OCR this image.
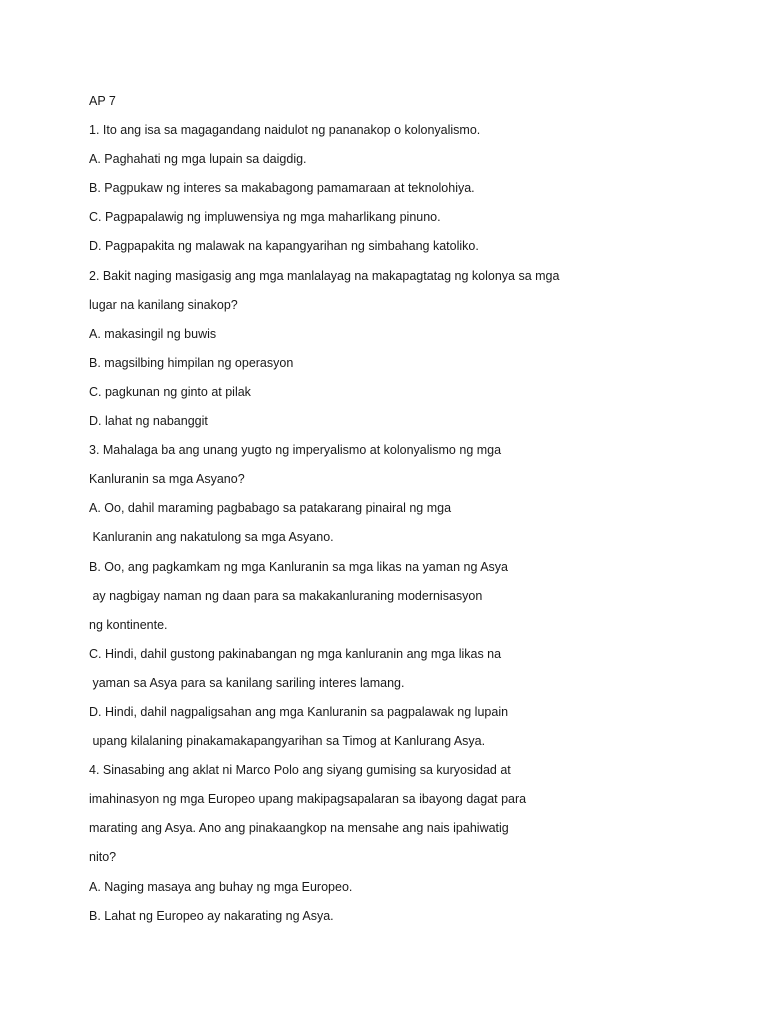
AP 7
1. Ito ang isa sa magagandang naidulot ng pananakop o kolonyalismo.
A. Paghahati ng mga lupain sa daigdig.
B. Pagpukaw ng interes sa makabagong pamamaraan at teknolohiya.
C. Pagpapalawig ng impluwensiya ng mga maharlikang pinuno.
D. Pagpapakita ng malawak na kapangyarihan ng simbahang katoliko.
2. Bakit naging masigasig ang mga manlalayag na makapagtatag ng kolonya sa mga
lugar na kanilang sinakop?
A. makasingil ng buwis
B. magsilbing himpilan ng operasyon
C. pagkunan ng ginto at pilak
D. lahat ng nabanggit
3. Mahalaga ba ang unang yugto ng imperyalismo at kolonyalismo ng mga
Kanluranin sa mga Asyano?
A. Oo, dahil maraming pagbabago sa patakarang pinairal ng mga
Kanluranin ang nakatulong sa mga Asyano.
B. Oo, ang pagkamkam ng mga Kanluranin sa mga likas na yaman ng Asya
ay nagbigay naman ng daan para sa makakanluraning modernisasyon
ng kontinente.
C. Hindi, dahil gustong pakinabangan ng mga kanluranin ang mga likas na
yaman sa Asya para sa kanilang sariling interes lamang.
D. Hindi, dahil nagpaligsahan ang mga Kanluranin sa pagpalawak ng lupain
upang kilalaning pinakamakapangyarihan sa Timog at Kanlurang Asya.
4. Sinasabing ang aklat ni Marco Polo ang siyang gumising sa kuryosidad at
imahinasyon ng mga Europeo upang makipagsapalaran sa ibayong dagat para
marating ang Asya. Ano ang pinakaangkop na mensahe ang nais ipahiwatig
nito?
A. Naging masaya ang buhay ng mga Europeo.
B. Lahat ng Europeo ay nakarating ng Asya.
